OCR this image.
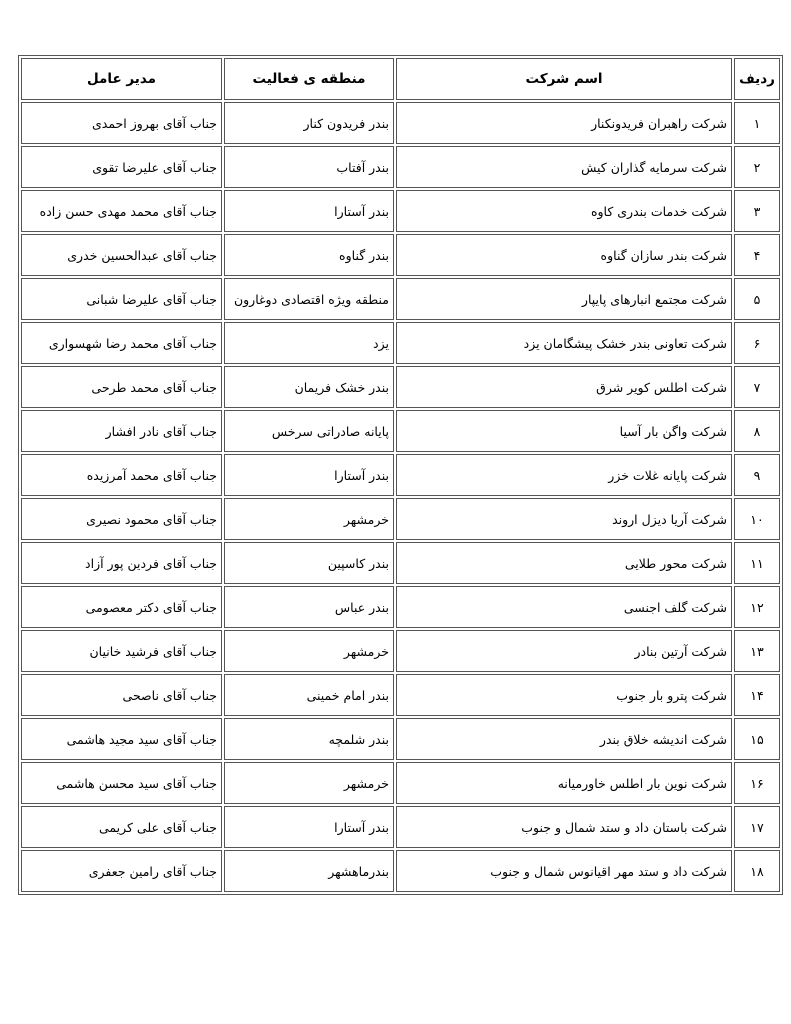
ردیف	اسم شرکت	منطقه ی فعالیت	مدیر عامل
۱	شرکت راهبران فریدونکنار	بندر فریدون کنار	جناب آقای بهروز احمدی
۲	شرکت سرمایه گذاران کیش	بندر آفتاب	جناب آقای علیرضا تقوی
۳	شرکت خدمات بندری کاوه	بندر آستارا	جناب آقای محمد مهدی حسن زاده
۴	شرکت بندر سازان گناوه	بندر گناوه	جناب آقای عبدالحسین خدری
۵	شرکت مجتمع انبارهای پایپار	منطقه ویژه اقتصادی دوغارون	جناب آقای علیرضا شبانی
۶	شرکت تعاونی بندر خشک پیشگامان یزد	یزد	جناب آقای محمد رضا شهسواری
۷	شرکت اطلس کویر شرق	بندر خشک فریمان	جناب آقای محمد طرحی
۸	شرکت واگن بار آسیا	پایانه صادراتی سرخس	جناب آقای نادر افشار
۹	شرکت پایانه غلات خزر	بندر آستارا	جناب آقای محمد آمرزیده
۱۰	شرکت آریا دیزل اروند	خرمشهر	جناب آقای محمود نصیری
۱۱	شرکت محور طلایی	بندر کاسپین	جناب آقای فردین پور آزاد
۱۲	شرکت گلف اجنسی	بندر عباس	جناب آقای دکتر معصومی
۱۳	شرکت آرتین بنادر	خرمشهر	جناب آقای فرشید خانیان
۱۴	شرکت پترو بار جنوب	بندر امام خمینی	جناب آقای ناصحی
۱۵	شرکت اندیشه خلاق بندر	بندر شلمچه	جناب آقای سید مجید هاشمی
۱۶	شرکت نوین بار اطلس خاورمیانه	خرمشهر	جناب آقای سید محسن هاشمی
۱۷	شرکت باستان داد و ستد شمال و جنوب	بندر آستارا	جناب آقای علی کریمی
۱۸	شرکت داد و ستد مهر اقیانوس شمال و جنوب	بندرماهشهر	جناب آقای رامین جعفری
